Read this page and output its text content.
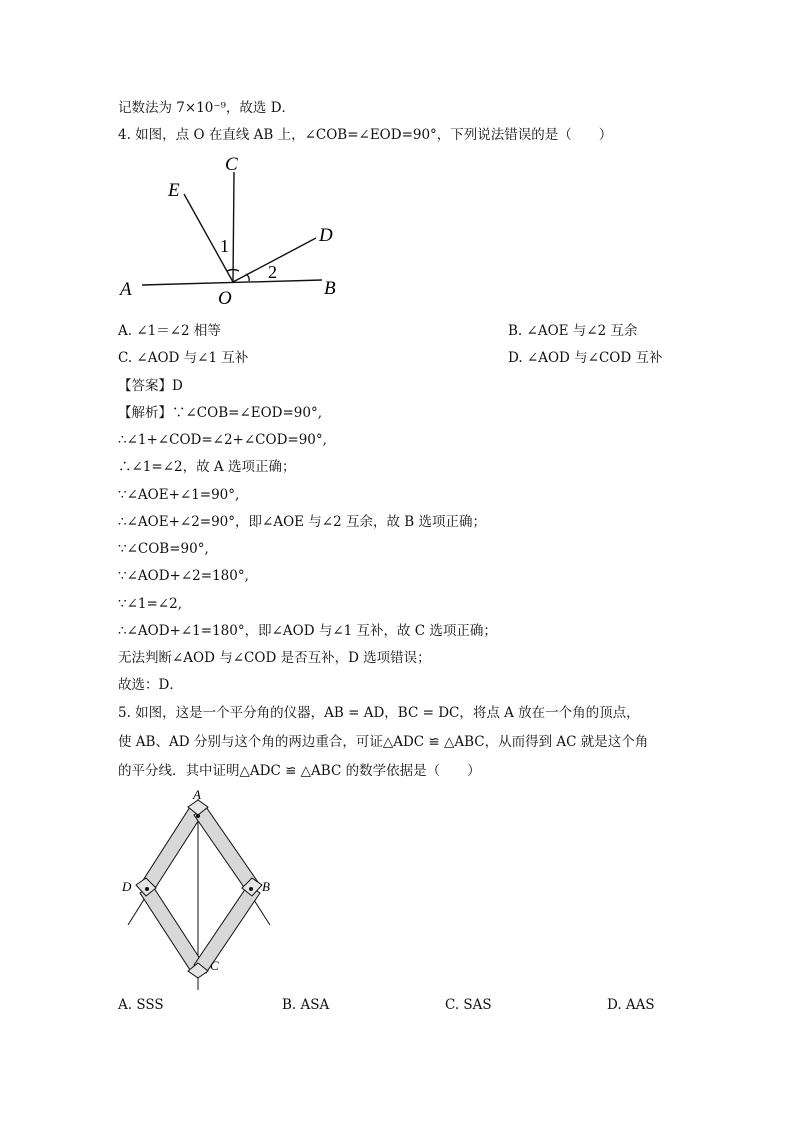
记数法为 7×10⁻⁹，故选 D．
4. 如图，点 O 在直线 AB 上，∠COB=∠EOD=90°，下列说法错误的是（　　）
C
E
D
A	O	B
1
2
A. ∠1＝∠2 相等	B. ∠AOE 与∠2 互余
C. ∠AOD 与∠1 互补	D. ∠AOD 与∠COD 互补
【答案】D
【解析】∵∠COB=∠EOD=90°,
∴∠1+∠COD=∠2+∠COD=90°,
∴∠1=∠2，故 A 选项正确；
∵∠AOE+∠1=90°,
∴∠AOE+∠2=90°，即∠AOE 与∠2 互余，故 B 选项正确；
∵∠COB=90°,
∵∠AOD+∠2=180°,
∵∠1=∠2,
∴∠AOD+∠1=180°，即∠AOD 与∠1 互补，故 C 选项正确；
无法判断∠AOD 与∠COD 是否互补，D 选项错误；
故选：D．
5. 如图，这是一个平分角的仪器，AB = AD，BC = DC，将点 A 放在一个角的顶点，
使 AB、AD 分别与这个角的两边重合，可证△ADC ≌ △ABC，从而得到 AC 就是这个角
的平分线．其中证明△ADC ≌ △ABC 的数学依据是（　　）
A
D	B
C
A. SSS	B. ASA	C. SAS	D. AAS
